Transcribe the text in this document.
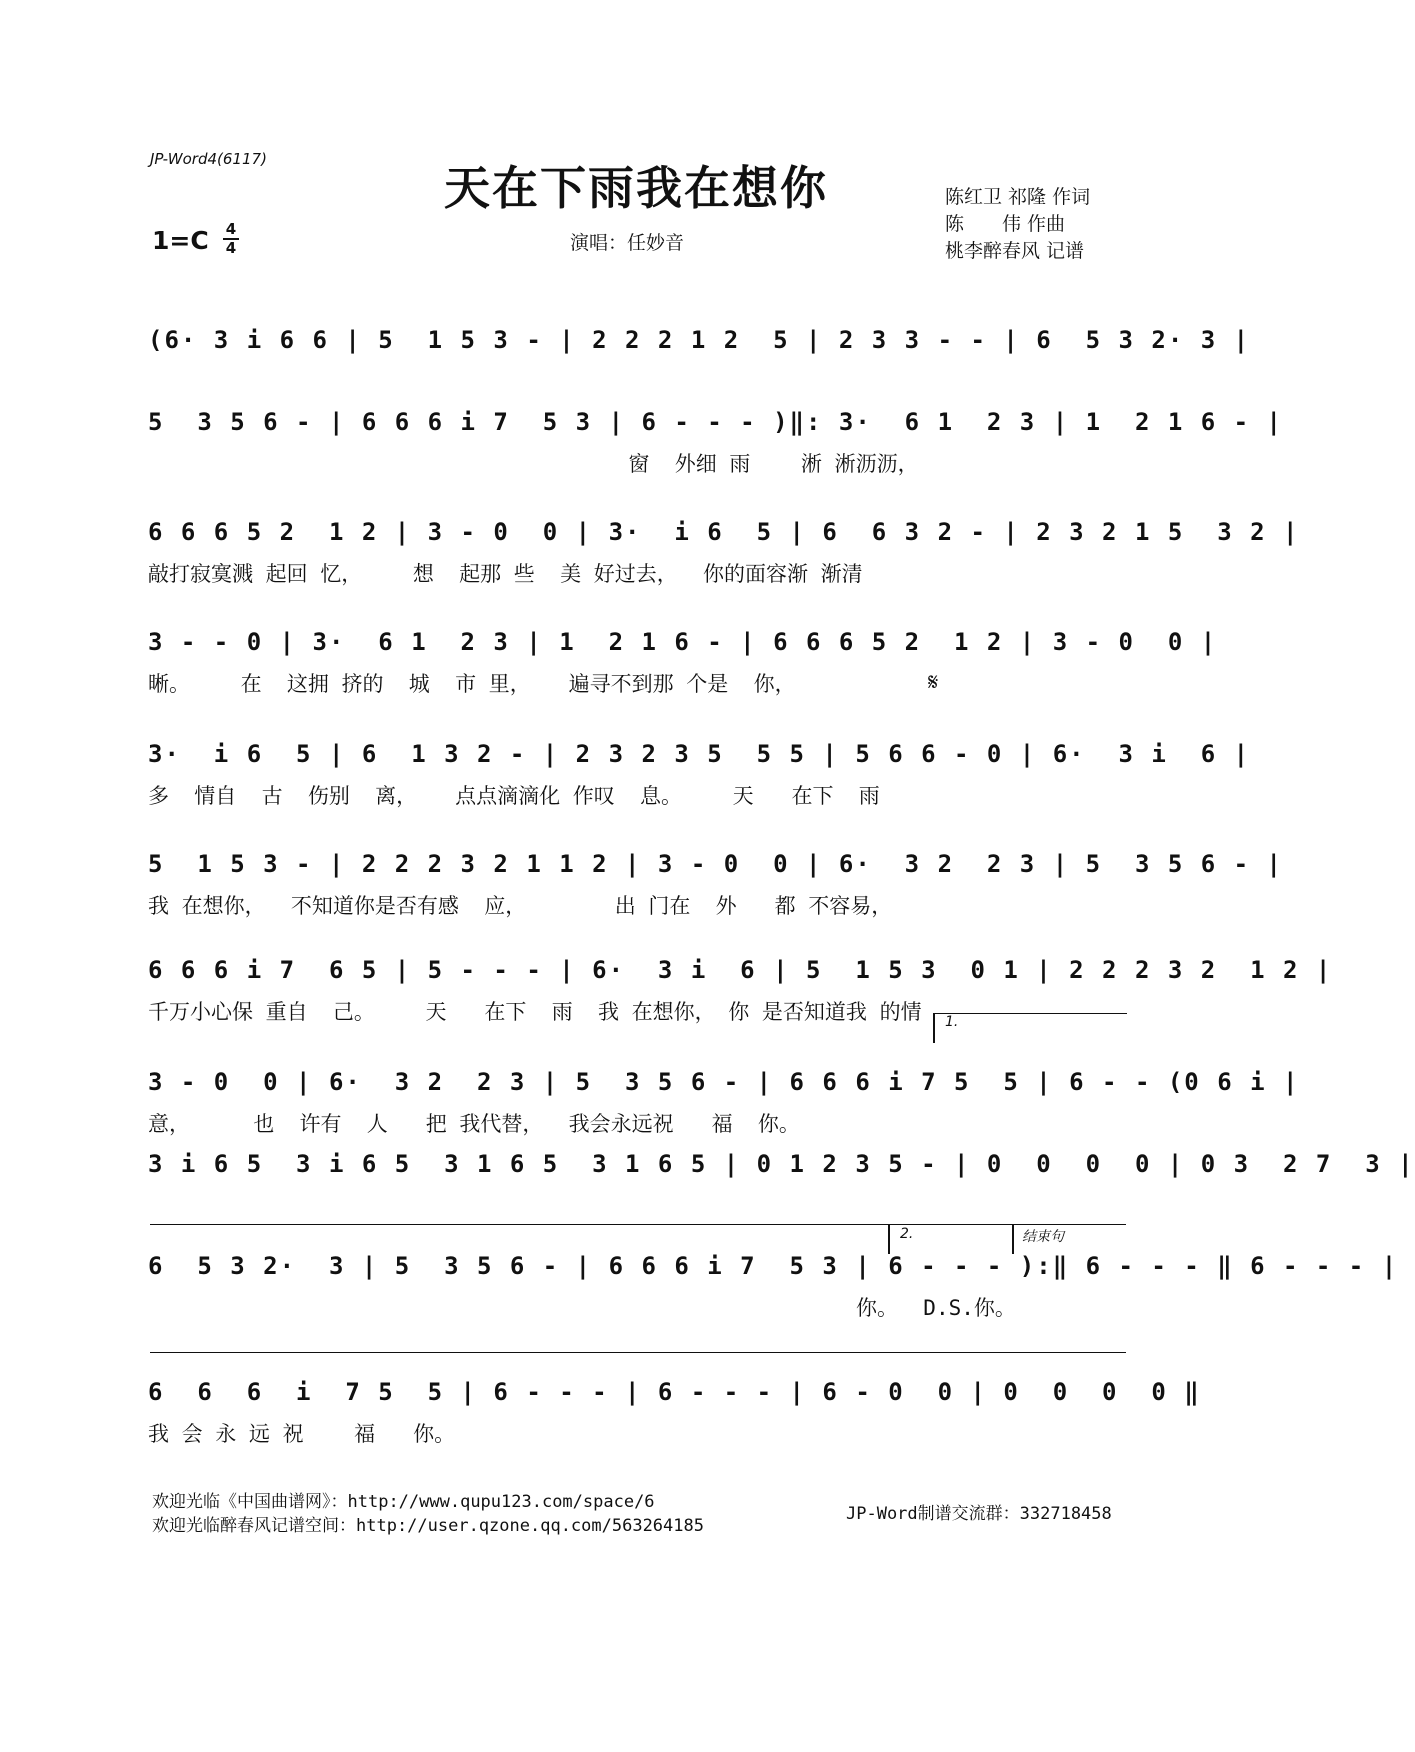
JP-Word4(6117)
天在下雨我在想你	陈红卫 祁隆 作词
陈　　伟 作曲
桃李醉春风 记谱
1=C 4
4	演唱：任妙音
(6· 3 i 6 6 | 5  1 5 3 - | 2 2 2 1 2  5 | 2 3 3 - - | 6  5 3 2· 3 |
5  3 5 6 - | 6 6 6 i 7  5 3 | 6 - - - )‖: 3·  6 1  2 3 | 1  2 1 6 - |
窗  外细 雨    淅 淅沥沥，
6 6 6 5 2  1 2 | 3 - 0  0 | 3·  i 6  5 | 6  6 3 2 - | 2 3 2 1 5  3 2 |
敲打寂寞溅 起回 忆，    想  起那 些  美 好过去，  你的面容渐 渐清
3 - - 0 | 3·  6 1  2 3 | 1  2 1 6 - | 6 6 6 5 2  1 2 | 3 - 0  0 |
晰。    在  这拥 挤的  城  市 里，   遍寻不到那 个是  你，	𝄋
3·  i 6  5 | 6  1 3 2 - | 2 3 2 3 5  5 5 | 5 6 6 - 0 | 6·  3 i  6 |
多  情自  古  伤别  离，   点点滴滴化 作叹  息。    天   在下  雨
5  1 5 3 - | 2 2 2 3 2 1 1 2 | 3 - 0  0 | 6·  3 2  2 3 | 5  3 5 6 - |
我 在想你，  不知道你是否有感  应，       出 门在  外   都 不容易，
6 6 6 i 7  6 5 | 5 - - - | 6·  3 i  6 | 5  1 5 3  0 1 | 2 2 2 3 2  1 2 |
千万小心保 重自  己。    天   在下  雨  我 在想你， 你 是否知道我 的情	1.
3 - 0  0 | 6·  3 2  2 3 | 5  3 5 6 - | 6 6 6 i 7 5  5 | 6 - - (0 6 i |
意，     也  许有  人   把 我代替，  我会永远祝   福  你。
3 i 6 5  3 i 6 5  3 1 6 5  3 1 6 5 | 0 1 2 3 5 - | 0  0  0  0 | 0 3  2 7  3 |
2.	结束句
6  5 3 2·  3 | 5  3 5 6 - | 6 6 6 i 7  5 3 | 6 - - - ):‖ 6 - - - ‖ 6 - - - |
你。  D.S.你。
6  6  6  i  7 5  5 | 6 - - - | 6 - - - | 6 - 0  0 | 0  0  0  0 ‖
我 会 永 远 祝    福   你。
欢迎光临《中国曲谱网》：http://www.qupu123.com/space/6
欢迎光临醉春风记谱空间：http://user.qzone.qq.com/563264185
JP-Word制谱交流群：332718458
